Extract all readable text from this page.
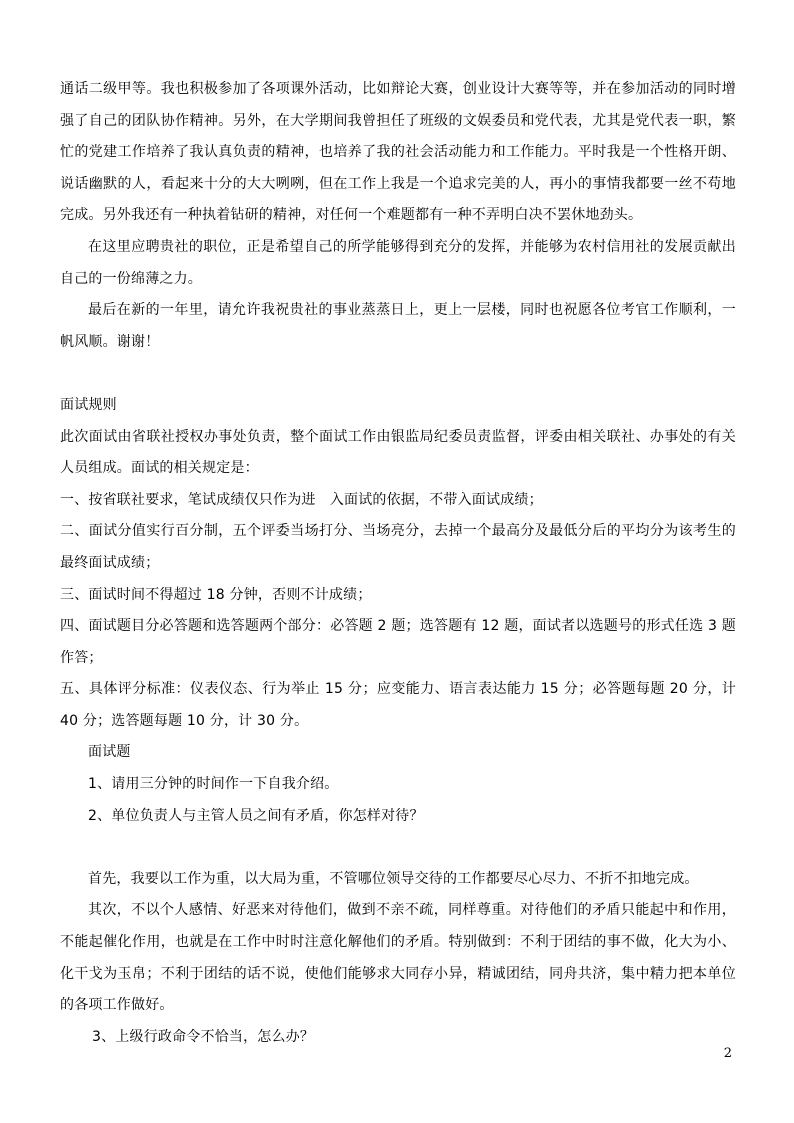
通话二级甲等。我也积极参加了各项课外活动，比如辩论大赛，创业设计大赛等等，并在参加活动的同时增强了自己的团队协作精神。另外，在大学期间我曾担任了班级的文娱委员和党代表，尤其是党代表一职，繁忙的党建工作培养了我认真负责的精神，也培养了我的社会活动能力和工作能力。平时我是一个性格开朗、说话幽默的人，看起来十分的大大咧咧，但在工作上我是一个追求完美的人，再小的事情我都要一丝不苟地完成。另外我还有一种执着钻研的精神，对任何一个难题都有一种不弄明白决不罢休地劲头。

在这里应聘贵社的职位，正是希望自己的所学能够得到充分的发挥，并能够为农村信用社的发展贡献出自己的一份绵薄之力。

最后在新的一年里，请允许我祝贵社的事业蒸蒸日上，更上一层楼，同时也祝愿各位考官工作顺利，一帆风顺。谢谢！

面试规则

此次面试由省联社授权办事处负责，整个面试工作由银监局纪委员责监督，评委由相关联社、办事处的有关人员组成。面试的相关规定是：

一、按省联社要求，笔试成绩仅只作为进　入面试的依据，不带入面试成绩；

二、面试分值实行百分制，五个评委当场打分、当场亮分，去掉一个最高分及最低分后的平均分为该考生的最终面试成绩；

三、面试时间不得超过 18 分钟，否则不计成绩；

四、面试题目分必答题和选答题两个部分：必答题 2 题；选答题有 12 题，面试者以选题号的形式任选 3 题作答；

五、具体评分标准：仪表仪态、行为举止 15 分；应变能力、语言表达能力 15 分；必答题每题 20 分，计 40 分；选答题每题 10 分，计 30 分。

面试题

1、请用三分钟的时间作一下自我介绍。

2、单位负责人与主管人员之间有矛盾，你怎样对待？

首先，我要以工作为重，以大局为重，不管哪位领导交待的工作都要尽心尽力、不折不扣地完成。

其次，不以个人感情、好恶来对待他们，做到不亲不疏，同样尊重。对待他们的矛盾只能起中和作用，不能起催化作用，也就是在工作中时时注意化解他们的矛盾。特别做到：不利于团结的事不做，化大为小、化干戈为玉帛；不利于团结的话不说，使他们能够求大同存小异，精诚团结，同舟共济，集中精力把本单位的各项工作做好。

3、上级行政命令不恰当，怎么办？

2
